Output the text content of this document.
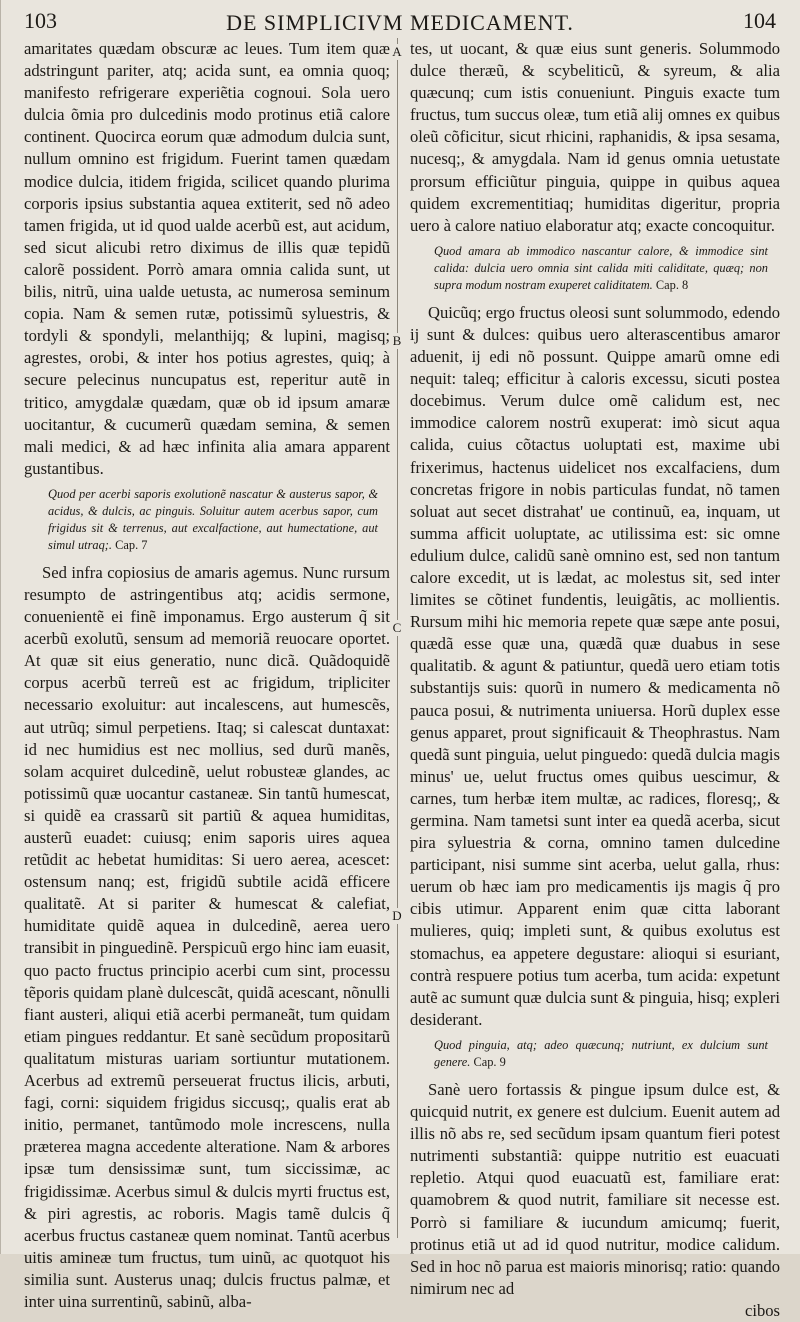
103	DE SIMPLICIVM MEDICAMENT.	104
A
B
C
D

amaritates quædam obscuræ ac leues. Tum item quæ adstringunt pariter, atq; acida sunt, ea omnia quoq; manifesto refrigerare experiẽtia cognoui. Sola uero dulcia õmia pro dulcedinis modo protinus etiã calore continent. Quocirca eorum quæ admodum dulcia sunt, nullum omnino est frigidum. Fuerint tamen quædam modice dulcia, itidem frigida, scilicet quando plurima corporis ipsius substantia aquea extiterit, sed nõ adeo tamen frigida, ut id quod ualde acerbũ est, aut acidum, sed sicut alicubi retro diximus de illis quæ tepidũ calorẽ possident. Porrò amara omnia calida sunt, ut bilis, nitrũ, uina ualde uetusta, ac numerosa seminum copia. Nam & semen rutæ, potissimũ syluestris, & tordyli & spondyli, melanthijq; & lupini, magisq; agrestes, orobi, & inter hos potius agrestes, quiq; à secure pelecinus nuncupatus est, reperitur autẽ in tritico, amygdalæ quædam, quæ ob id ipsum amaræ uocitantur, & cucumerũ quædam semina, & semen mali medici, & ad hæc infinita alia amara apparent gustantibus.

Quod per acerbi saporis exolutionẽ nascatur & austerus sapor, & acidus, & dulcis, ac pinguis. Soluitur autem acerbus sapor, cum frigidus sit & terrenus, aut excalfactione, aut humectatione, aut simul utraq;. Cap. 7

Sed infra copiosius de amaris agemus. Nunc rursum resumpto de astringentibus atq; acidis sermone, conuenientẽ ei finẽ imponamus. Ergo austerum q̃ sit acerbũ exolutũ, sensum ad memoriã reuocare oportet. At quæ sit eius generatio, nunc dicã. Quãdoquidẽ corpus acerbũ terreũ est ac frigidum, tripliciter necessario exoluitur: aut incalescens, aut humescẽs, aut utrũq; simul perpetiens. Itaq; si calescat duntaxat: id nec humidius est nec mollius, sed durũ manẽs, solam acquiret dulcedinẽ, uelut robusteæ glandes, ac potissimũ quæ uocantur castaneæ. Sin tantũ humescat, si quidẽ ea crassarũ sit partiũ & aquea humiditas, austerũ euadet: cuiusq; enim saporis uires aquea retũdit ac hebetat humiditas: Si uero aerea, acescet: ostensum nanq; est, frigidũ subtile acidã efficere qualitatẽ. At si pariter & humescat & calefiat, humiditate quidẽ aquea in dulcedinẽ, aerea uero transibit in pinguedinẽ. Perspicuũ ergo hinc iam euasit, quo pacto fructus principio acerbi cum sint, processu tẽporis quidam planè dulcescãt, quidã acescant, nõnulli fiant austeri, aliqui etiã acerbi permaneãt, tum quidam etiam pingues reddantur. Et sanè secũdum propositarũ qualitatum misturas uariam sortiuntur mutationem. Acerbus ad extremũ perseuerat fructus ilicis, arbuti, fagi, corni: siquidem frigidus siccusq;, qualis erat ab initio, permanet, tantũmodo mole increscens, nulla præterea magna accedente alteratione. Nam & arbores ipsæ tum densissimæ sunt, tum siccissimæ, ac frigidissimæ. Acerbus simul & dulcis myrti fructus est, & piri agrestis, ac roboris. Magis tamẽ dulcis q̃ acerbus fructus castaneæ quem nominat. Tantũ acerbus uitis amineæ tum fructus, tum uinũ, ac quotquot his similia sunt. Austerus unaq; dulcis fructus palmæ, et inter uina surrentinũ, sabinũ, alba-

tes, ut uocant, & quæ eius sunt generis. Solummodo dulce theræũ, & scybeliticũ, & syreum, & alia quæcunq; cum istis conueniunt. Pinguis exacte tum fructus, tum succus oleæ, tum etiã alij omnes ex quibus oleũ cõficitur, sicut rhicini, raphanidis, & ipsa sesama, nucesq;, & amygdala. Nam id genus omnia uetustate prorsum efficiũtur pinguia, quippe in quibus aquea quidem excrementitiaq; humiditas digeritur, propria uero à calore natiuo elaboratur atq; exacte concoquitur.

Quod amara ab immodico nascantur calore, & immodice sint calida: dulcia uero omnia sint calida miti caliditate, quæq; non supra modum nostram exuperet caliditatem. Cap. 8

Quicũq; ergo fructus oleosi sunt solummodo, edendo ij sunt & dulces: quibus uero alterascentibus amaror aduenit, ij edi nõ possunt. Quippe amarũ omne edi nequit: taleq; efficitur à caloris excessu, sicuti postea docebimus. Verum dulce omẽ calidum est, nec immodice calorem nostrũ exuperat: imò sicut aqua calida, cuius cõtactus uoluptati est, maxime ubi frixerimus, hactenus uidelicet nos excalfaciens, dum concretas frigore in nobis particulas fundat, nõ tamen soluat aut secet distrahat' ue continuũ, ea, inquam, ut summa afficit uoluptate, ac utilissima est: sic omne edulium dulce, calidũ sanè omnino est, sed non tantum calore excedit, ut is lædat, ac molestus sit, sed inter limites se cõtinet fundentis, leuigãtis, ac mollientis. Rursum mihi hic memoria repete quæ sæpe ante posui, quædã esse quæ una, quædã quæ duabus in sese qualitatib. & agunt & patiuntur, quedã uero etiam totis substantijs suis: quorũ in numero & medicamenta nõ pauca posui, & nutrimenta uniuersa. Horũ duplex esse genus apparet, prout significauit & Theophrastus. Nam quedã sunt pinguia, uelut pinguedo: quedã dulcia magis minus' ue, uelut fructus omes quibus uescimur, & carnes, tum herbæ item multæ, ac radices, floresq;, & germina. Nam tametsi sunt inter ea quedã acerba, sicut pira syluestria & corna, omnino tamen dulcedine participant, nisi summe sint acerba, uelut galla, rhus: uerum ob hæc iam pro medicamentis ijs magis q̃ pro cibis utimur. Apparent enim quæ citta laborant mulieres, quiq; impleti sunt, & quibus exolutus est stomachus, ea appetere degustare: alioqui si esuriant, contrà respuere potius tum acerba, tum acida: expetunt autẽ ac sumunt quæ dulcia sunt & pinguia, hisq; expleri desiderant.

Quod pinguia, atq; adeo quæcunq; nutriunt, ex dulcium sunt genere. Cap. 9

Sanè uero fortassis & pingue ipsum dulce est, & quicquid nutrit, ex genere est dulcium. Euenit autem ad illis nõ abs re, sed secũdum ipsam quantum fieri potest nutrimenti substantiã: quippe nutritio est euacuati repletio. Atqui quod euacuatũ est, familiare erat: quamobrem & quod nutrit, familiare sit necesse est. Porrò si familiare & iucundum amicumq; fuerit, protinus etiã ut ad id quod nutritur, modice calidum. Sed in hoc nõ parua est maioris minorisq; ratio: quando nimirum nec ad

cibos
